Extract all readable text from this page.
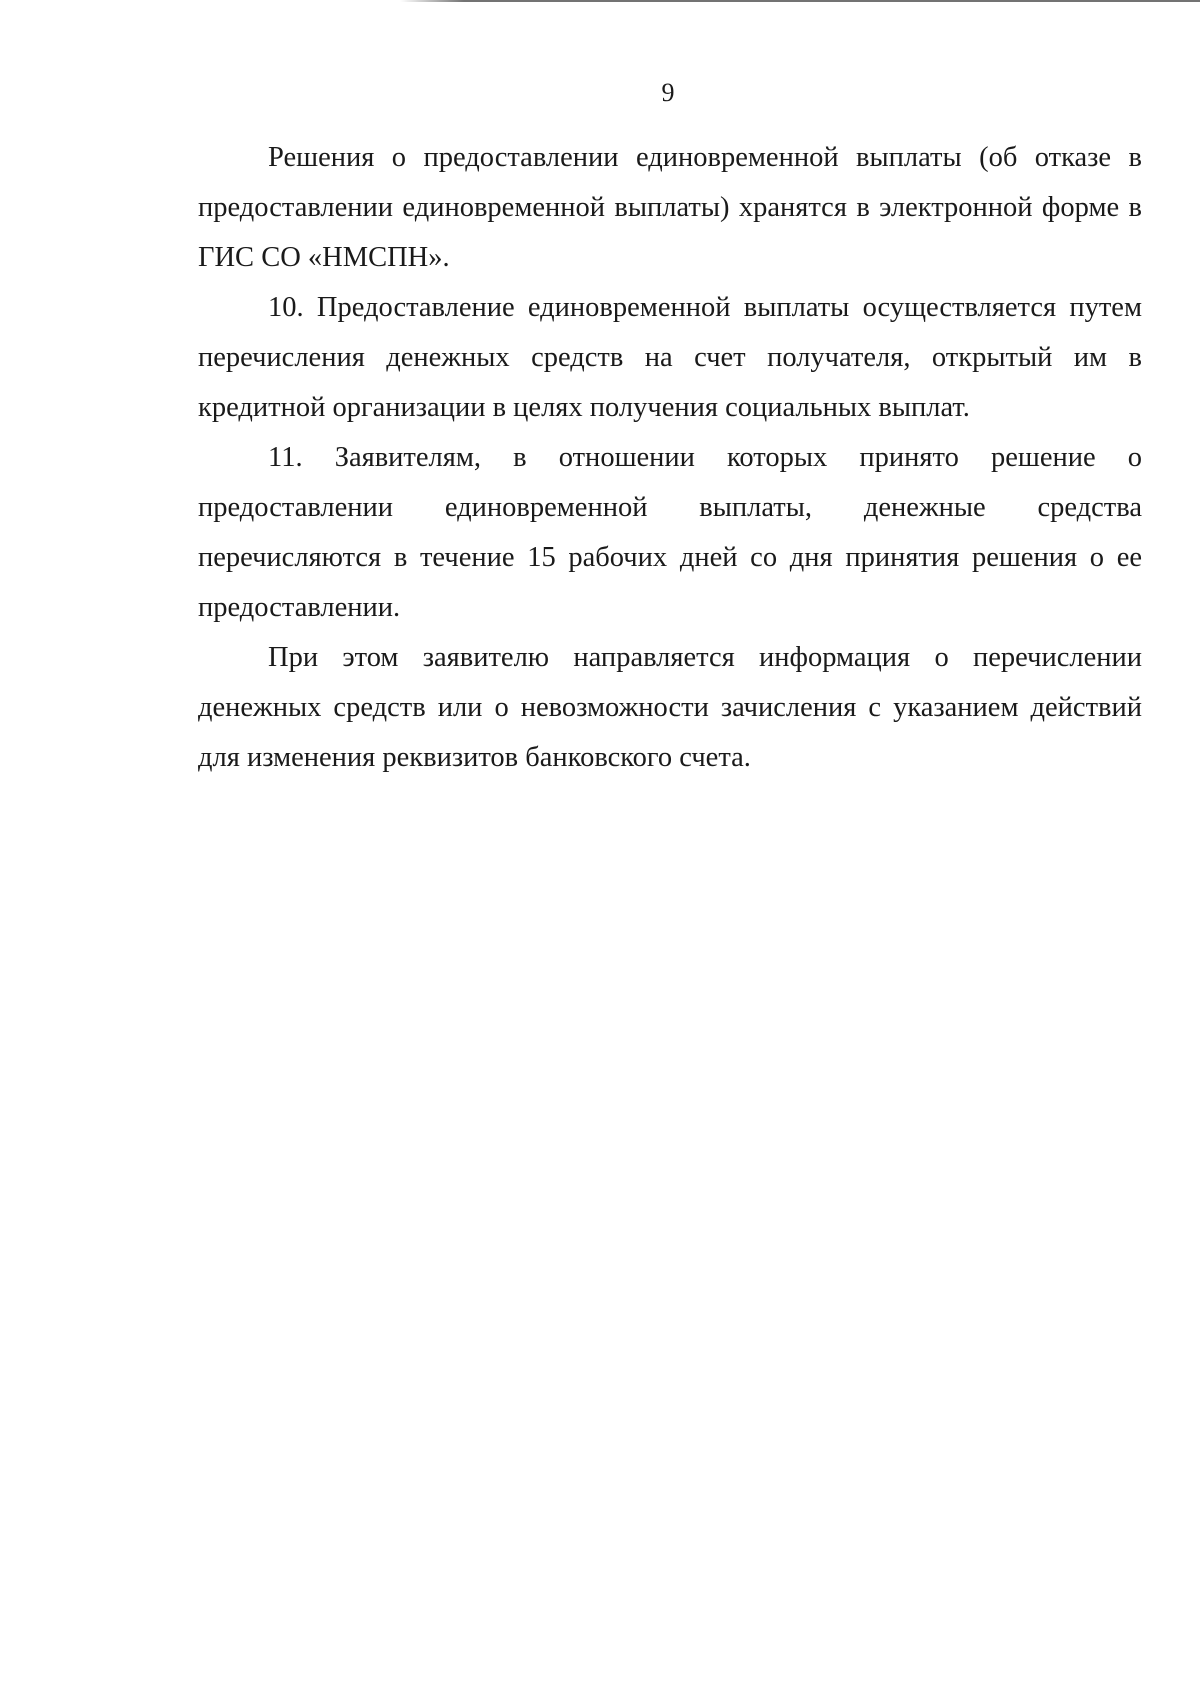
9

Решения о предоставлении единовременной выплаты (об отказе в предоставлении единовременной выплаты) хранятся в электронной форме в ГИС СО «НМСПН».

10. Предоставление единовременной выплаты осуществляется путем перечисления денежных средств на счет получателя, открытый им в кредитной организации в целях получения социальных выплат.

11. Заявителям, в отношении которых принято решение о предоставлении единовременной выплаты, денежные средства перечисляются в течение 15 рабочих дней со дня принятия решения о ее предоставлении.

При этом заявителю направляется информация о перечислении денежных средств или о невозможности зачисления с указанием действий для изменения реквизитов банковского счета.
